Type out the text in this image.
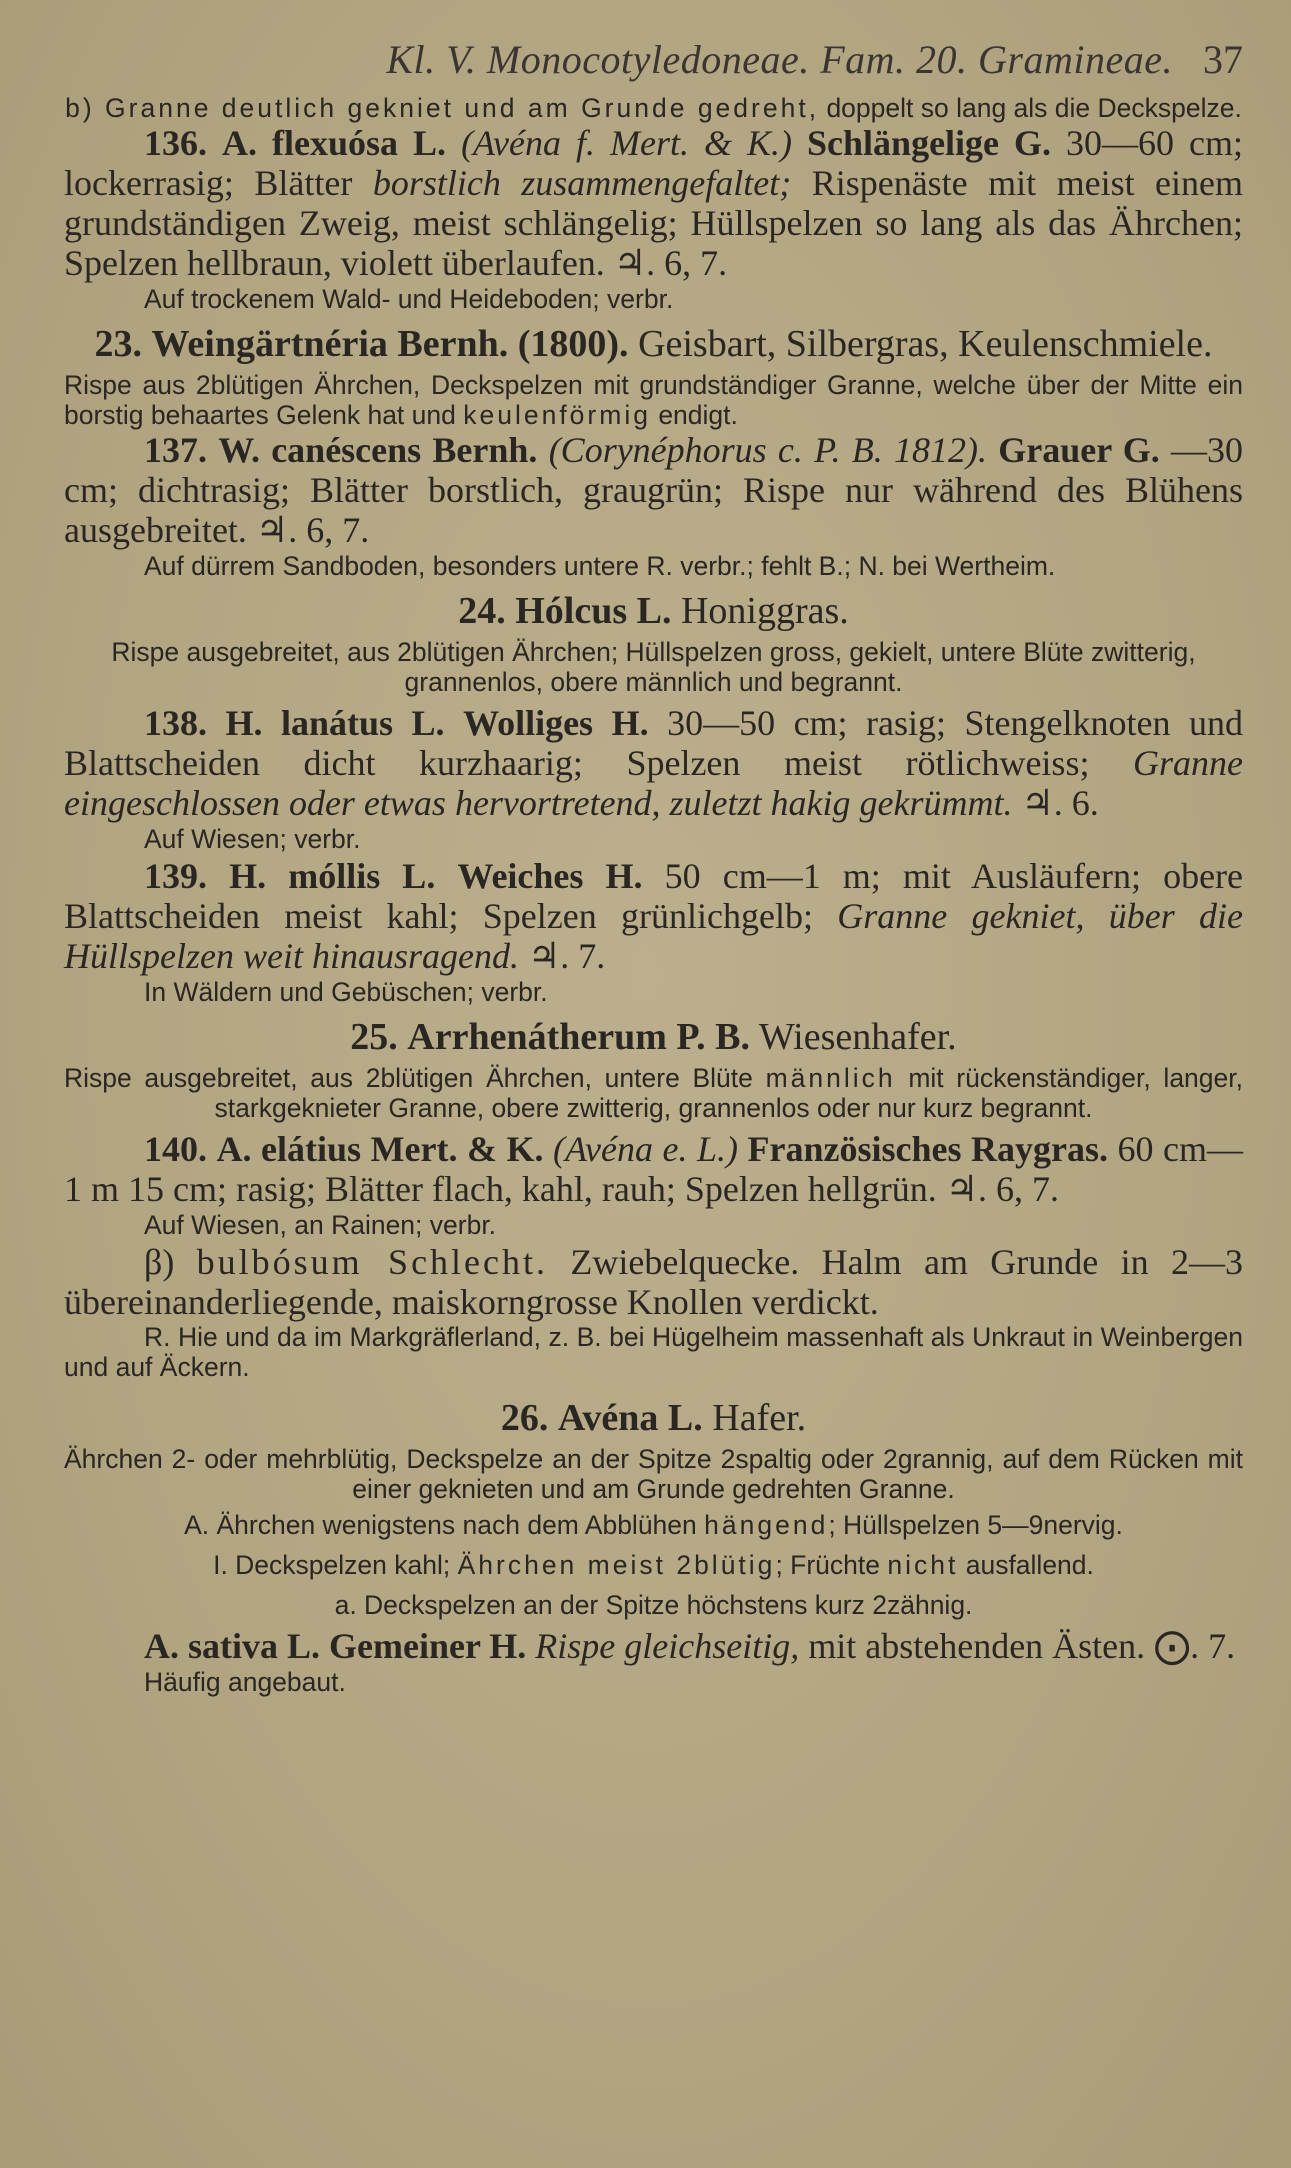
Kl. V. Monocotyledoneae. Fam. 20. Gramineae. 37

b) Granne deutlich gekniet und am Grunde gedreht, doppelt so lang als die Deckspelze.

136. A. flexuósa L. (Avéna f. Mert. & K.) Schlängelige G. 30—60 cm; lockerrasig; Blätter borstlich zusammengefaltet; Rispenäste mit meist einem grundständigen Zweig, meist schlängelig; Hüllspelzen so lang als das Ährchen; Spelzen hellbraun, violett überlaufen. ♃. 6, 7.

Auf trockenem Wald- und Heideboden; verbr.

23. Weingärtnéria Bernh. (1800). Geisbart, Silbergras, Keulenschmiele.

Rispe aus 2blütigen Ährchen, Deckspelzen mit grundständiger Granne, welche über der Mitte ein borstig behaartes Gelenk hat und keulenförmig endigt.

137. W. canéscens Bernh. (Corynéphorus c. P. B. 1812). Grauer G. —30 cm; dichtrasig; Blätter borstlich, graugrün; Rispe nur während des Blühens ausgebreitet. ♃. 6, 7.

Auf dürrem Sandboden, besonders untere R. verbr.; fehlt B.; N. bei Wertheim.

24. Hólcus L. Honiggras.

Rispe ausgebreitet, aus 2blütigen Ährchen; Hüllspelzen gross, gekielt, untere Blüte zwitterig, grannenlos, obere männlich und begrannt.

138. H. lanátus L. Wolliges H. 30—50 cm; rasig; Stengelknoten und Blattscheiden dicht kurzhaarig; Spelzen meist rötlichweiss; Granne eingeschlossen oder etwas hervortretend, zuletzt hakig gekrümmt. ♃. 6.

Auf Wiesen; verbr.

139. H. móllis L. Weiches H. 50 cm—1 m; mit Ausläufern; obere Blattscheiden meist kahl; Spelzen grünlichgelb; Granne gekniet, über die Hüllspelzen weit hinausragend. ♃. 7.

In Wäldern und Gebüschen; verbr.

25. Arrhenátherum P. B. Wiesenhafer.

Rispe ausgebreitet, aus 2blütigen Ährchen, untere Blüte männlich mit rückenständiger, langer, starkgeknieter Granne, obere zwitterig, grannenlos oder nur kurz begrannt.

140. A. elátius Mert. & K. (Avéna e. L.) Französisches Raygras. 60 cm—1 m 15 cm; rasig; Blätter flach, kahl, rauh; Spelzen hellgrün. ♃. 6, 7.

Auf Wiesen, an Rainen; verbr.

β) bulbósum Schlecht. Zwiebelquecke. Halm am Grunde in 2—3 übereinanderliegende, maiskorngrosse Knollen verdickt.

R. Hie und da im Markgräflerland, z. B. bei Hügelheim massenhaft als Unkraut in Weinbergen und auf Äckern.

26. Avéna L. Hafer.

Ährchen 2- oder mehrblütig, Deckspelze an der Spitze 2spaltig oder 2grannig, auf dem Rücken mit einer geknieten und am Grunde gedrehten Granne.

A. Ährchen wenigstens nach dem Abblühen hängend; Hüllspelzen 5—9nervig.

I. Deckspelzen kahl; Ährchen meist 2blütig; Früchte nicht ausfallend.

a. Deckspelzen an der Spitze höchstens kurz 2zähnig.

A. sativa L. Gemeiner H. Rispe gleichseitig, mit abstehenden Ästen. ⨀. 7.

Häufig angebaut.
